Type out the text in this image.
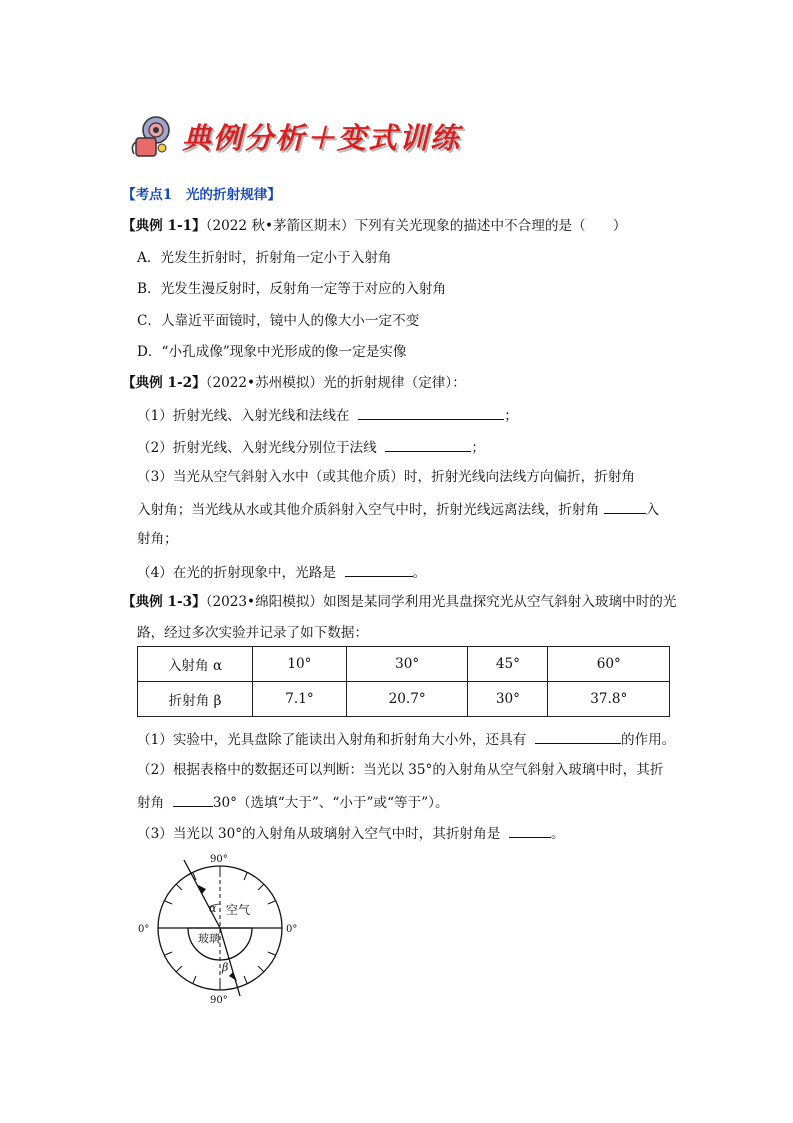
典例分析＋变式训练
【考点1　光的折射规律】
【典例 1-1】（2022 秋•茅箭区期末）下列有关光现象的描述中不合理的是（　　）
A．光发生折射时，折射角一定小于入射角
B．光发生漫反射时，反射角一定等于对应的入射角
C．人靠近平面镜时，镜中人的像大小一定不变
D．“小孔成像”现象中光形成的像一定是实像
【典例 1-2】（2022•苏州模拟）光的折射规律（定律）：
（1）折射光线、入射光线和法线在	；
（2）折射光线、入射光线分别位于法线	；
（3）当光从空气斜射入水中（或其他介质）时，折射光线向法线方向偏折，折射角
入射角；当光线从水或其他介质斜射入空气中时，折射光线远离法线，折射角	入
射角；
（4）在光的折射现象中，光路是	。
【典例 1-3】（2023•绵阳模拟）如图是某同学利用光具盘探究光从空气斜射入玻璃中时的光
路，经过多次实验并记录了如下数据：
入射角 α	10°	30°	45°	60°
折射角 β	7.1°	20.7°	30°	37.8°
（1）实验中，光具盘除了能读出入射角和折射角大小外，还具有	的作用。
（2）根据表格中的数据还可以判断：当光以 35°的入射角从空气斜射入玻璃中时，其折
射角	30°（选填“大于”、“小于”或“等于”）。
（3）当光以 30°的入射角从玻璃射入空气中时，其折射角是	。
90°
90°
0°	0°
空气
玻璃
α
β
